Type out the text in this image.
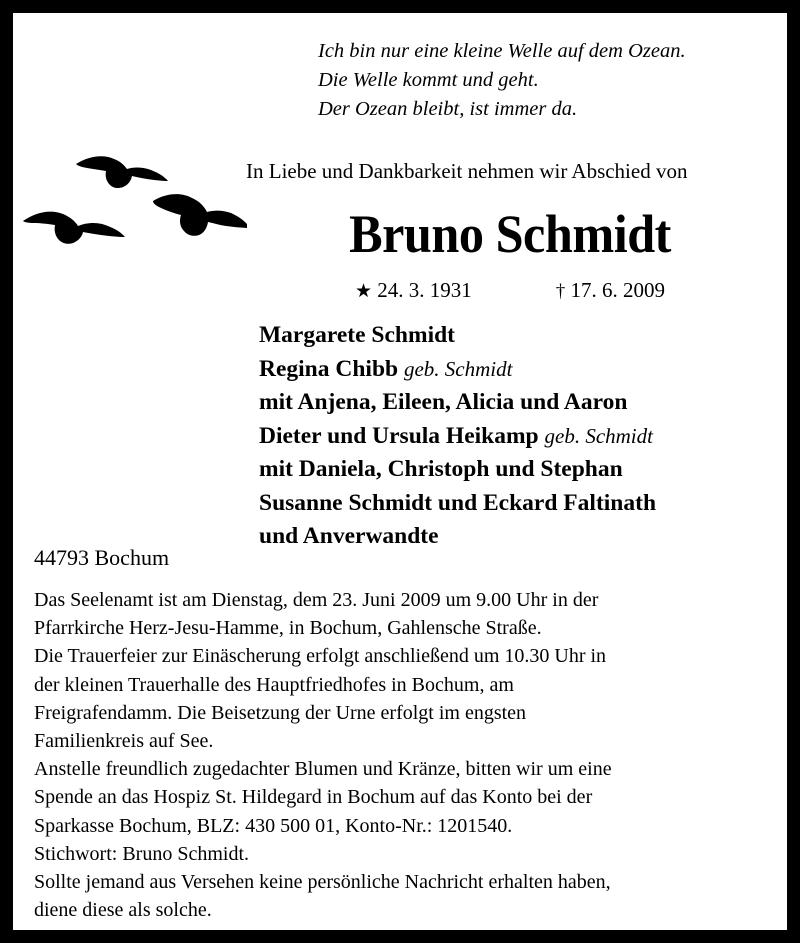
Ich bin nur eine kleine Welle auf dem Ozean.
Die Welle kommt und geht.
Der Ozean bleibt, ist immer da.
In Liebe und Dankbarkeit nehmen wir Abschied von
Bruno Schmidt
★ 24. 3. 1931	† 17. 6. 2009
Margarete Schmidt
Regina Chibb geb. Schmidt
mit Anjena, Eileen, Alicia und Aaron
Dieter und Ursula Heikamp geb. Schmidt
mit Daniela, Christoph und Stephan
Susanne Schmidt und Eckard Faltinath
und Anverwandte
44793 Bochum
Das Seelenamt ist am Dienstag, dem 23. Juni 2009 um 9.00 Uhr in der
Pfarrkirche Herz-Jesu-Hamme, in Bochum, Gahlensche Straße.
Die Trauerfeier zur Einäscherung erfolgt anschließend um 10.30 Uhr in
der kleinen Trauerhalle des Hauptfriedhofes in Bochum, am
Freigrafendamm. Die Beisetzung der Urne erfolgt im engsten
Familienkreis auf See.
Anstelle freundlich zugedachter Blumen und Kränze, bitten wir um eine
Spende an das Hospiz St. Hildegard in Bochum auf das Konto bei der
Sparkasse Bochum, BLZ: 430 500 01, Konto-Nr.: 1201540.
Stichwort: Bruno Schmidt.
Sollte jemand aus Versehen keine persönliche Nachricht erhalten haben,
diene diese als solche.
